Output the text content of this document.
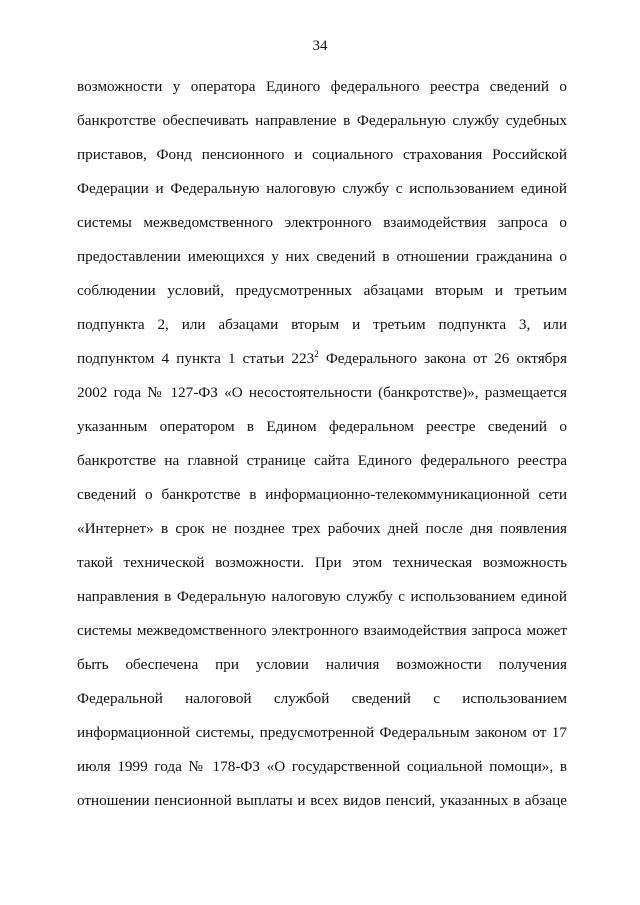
34
возможности у оператора Единого федерального реестра сведений о
банкротстве обеспечивать направление в Федеральную службу судебных
приставов, Фонд пенсионного и социального страхования Российской
Федерации и Федеральную налоговую службу с использованием единой
системы межведомственного электронного взаимодействия запроса о
предоставлении имеющихся у них сведений в отношении гражданина о
соблюдении условий, предусмотренных абзацами вторым и третьим
подпункта 2, или абзацами вторым и третьим подпункта 3, или
подпунктом 4 пункта 1 статьи $223^2$ Федерального закона от 26 октября
2002 года № 127-ФЗ «О несостоятельности (банкротстве)», размещается
указанным оператором в Едином федеральном реестре сведений о
банкротстве на главной странице сайта Единого федерального реестра
сведений о банкротстве в информационно-телекоммуникационной сети
«Интернет» в срок не позднее трех рабочих дней после дня появления
такой технической возможности. При этом техническая возможность
направления в Федеральную налоговую службу с использованием единой
системы межведомственного электронного взаимодействия запроса может
быть обеспечена при условии наличия возможности получения
Федеральной налоговой службой сведений с использованием
информационной системы, предусмотренной Федеральным законом от 17
июля 1999 года № 178-ФЗ «О государственной социальной помощи», в
отношении пенсионной выплаты и всех видов пенсий, указанных в абзаце
